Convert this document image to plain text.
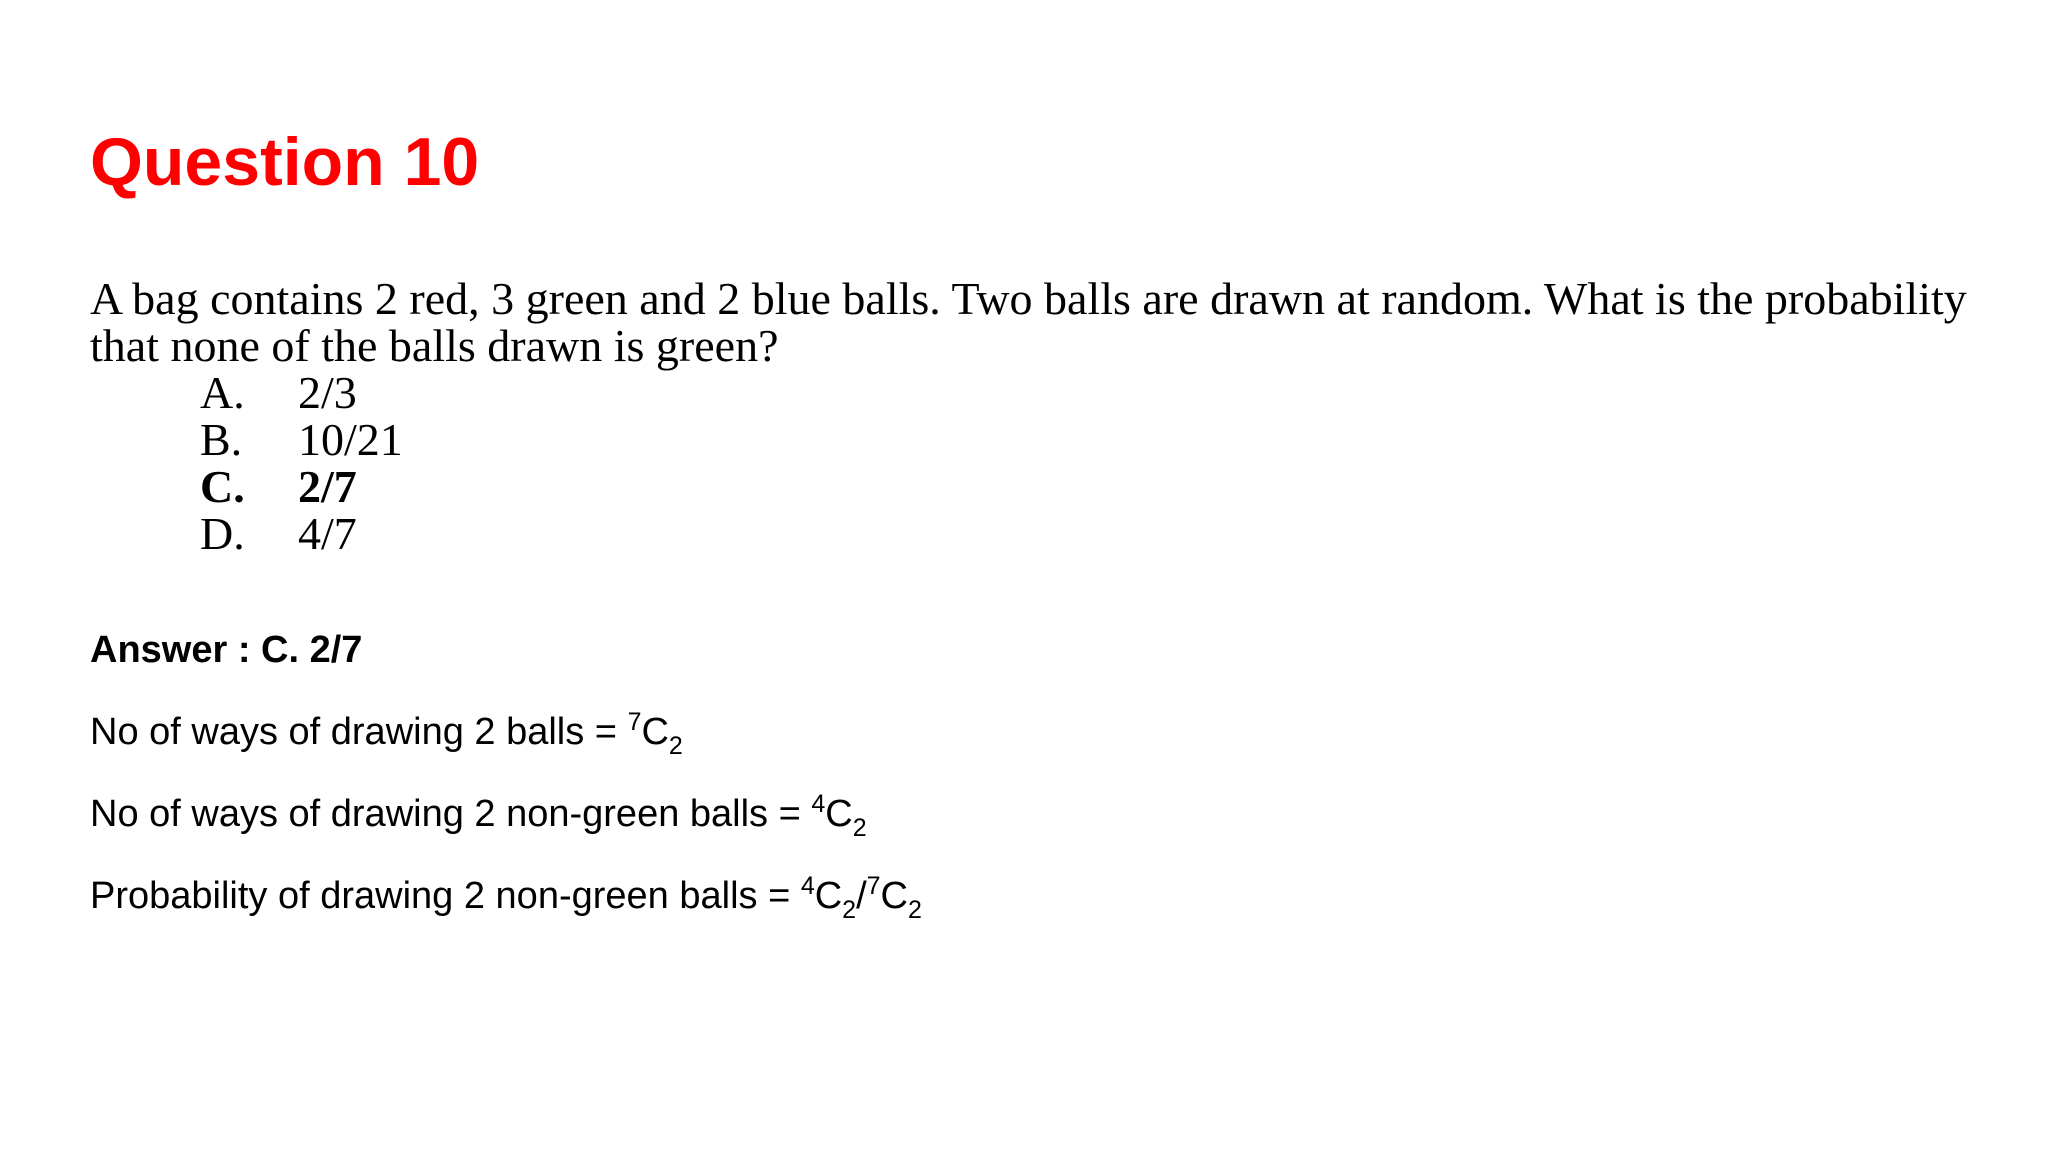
Question 10

A bag contains 2 red, 3 green and 2 blue balls. Two balls are drawn at random. What is the probability that none of the balls drawn is green?

A. 2/3
B. 10/21
C. 2/7
D. 4/7

Answer : C. 2/7

No of ways of drawing 2 balls = $^7C_2$

No of ways of drawing 2 non-green balls = $^4C_2$

Probability of drawing 2 non-green balls = $^4C_2/^7C_2$
